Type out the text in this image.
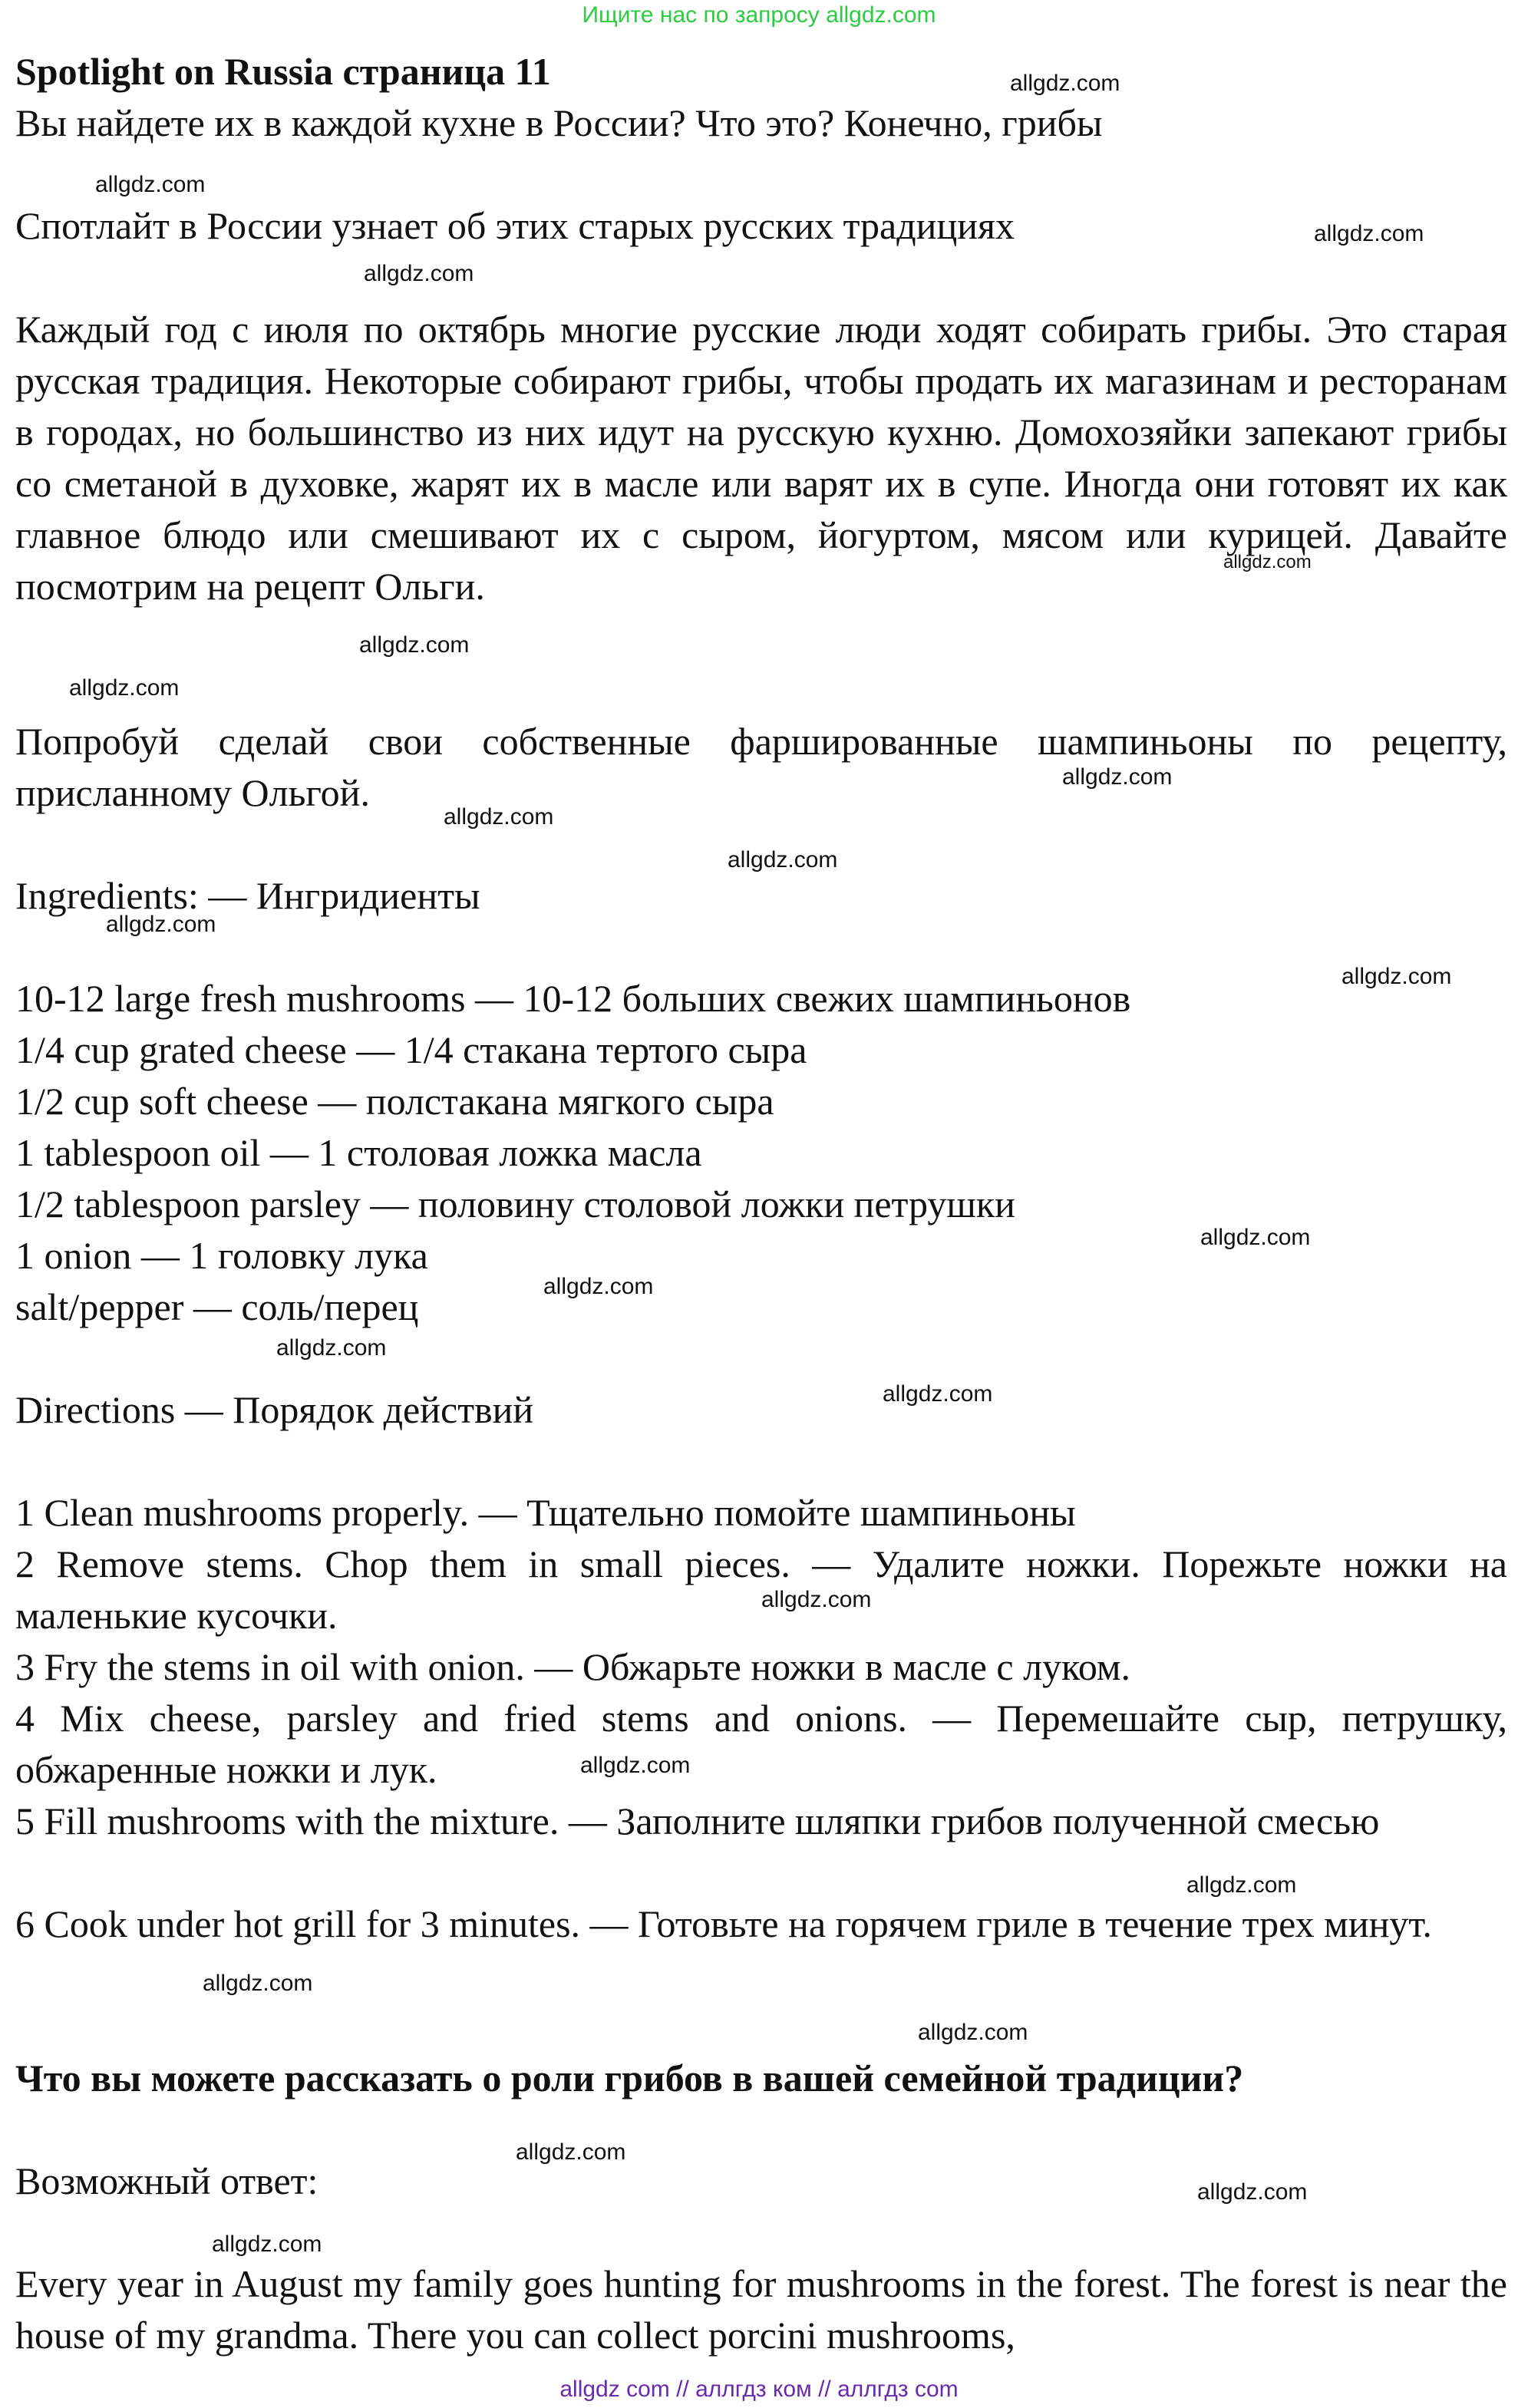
Ищите нас по запросу allgdz.com
Spotlight on Russia страница 11
Вы найдете их в каждой кухне в России? Что это? Конечно, грибы
Спотлайт в России узнает об этих старых русских традициях
Каждый год с июля по октябрь многие русские люди ходят собирать грибы. Это старая русская традиция. Некоторые собирают грибы, чтобы продать их магазинам и ресторанам в городах, но большинство из них идут на русскую кухню. Домохозяйки запекают грибы со сметаной в духовке, жарят их в масле или варят их в супе. Иногда они готовят их как главное блюдо или смешивают их с сыром, йогуртом, мясом или курицей. Давайте посмотрим на рецепт Ольги.
Попробуй сделай свои собственные фаршированные шампиньоны по рецепту, присланному Ольгой.
Ingredients: — Ингридиенты
10-12 large fresh mushrooms — 10-12 больших свежих шампиньонов
1/4 cup grated cheese — 1/4 стакана тертого сыра
1/2 cup soft cheese — полстакана мягкого сыра
1 tablespoon oil — 1 столовая ложка масла
1/2 tablespoon parsley — половину столовой ложки петрушки
1 onion — 1 головку лука
salt/pepper — соль/перец
Directions — Порядок действий
1 Clean mushrooms properly. — Тщательно помойте шампиньоны
2 Remove stems. Chop them in small pieces. — Удалите ножки. Порежьте ножки на маленькие кусочки.
3 Fry the stems in oil with onion. — Обжарьте ножки в масле с луком.
4 Mix cheese, parsley and fried stems and onions. — Перемешайте сыр, петрушку, обжаренные ножки и лук.
5 Fill mushrooms with the mixture. — Заполните шляпки грибов полученной смесью
6 Cook under hot grill for 3 minutes. — Готовьте на горячем гриле в течение трех минут.
Что вы можете рассказать о роли грибов в вашей семейной традиции?
Возможный ответ:
Every year in August my family goes hunting for mushrooms in the forest. The forest is near the house of my grandma. There you can collect porcini mushrooms,
allgdz.com
allgdz.com
allgdz.com
allgdz.com
allgdz.com
allgdz.com
allgdz.com
allgdz.com
allgdz.com
allgdz.com
allgdz.com
allgdz.com
allgdz.com
allgdz.com
allgdz.com
allgdz.com
allgdz.com
allgdz.com
allgdz.com
allgdz.com
allgdz.com
allgdz.com
allgdz.com
allgdz.com
allgdz com // аллгдз ком // аллгдз com
